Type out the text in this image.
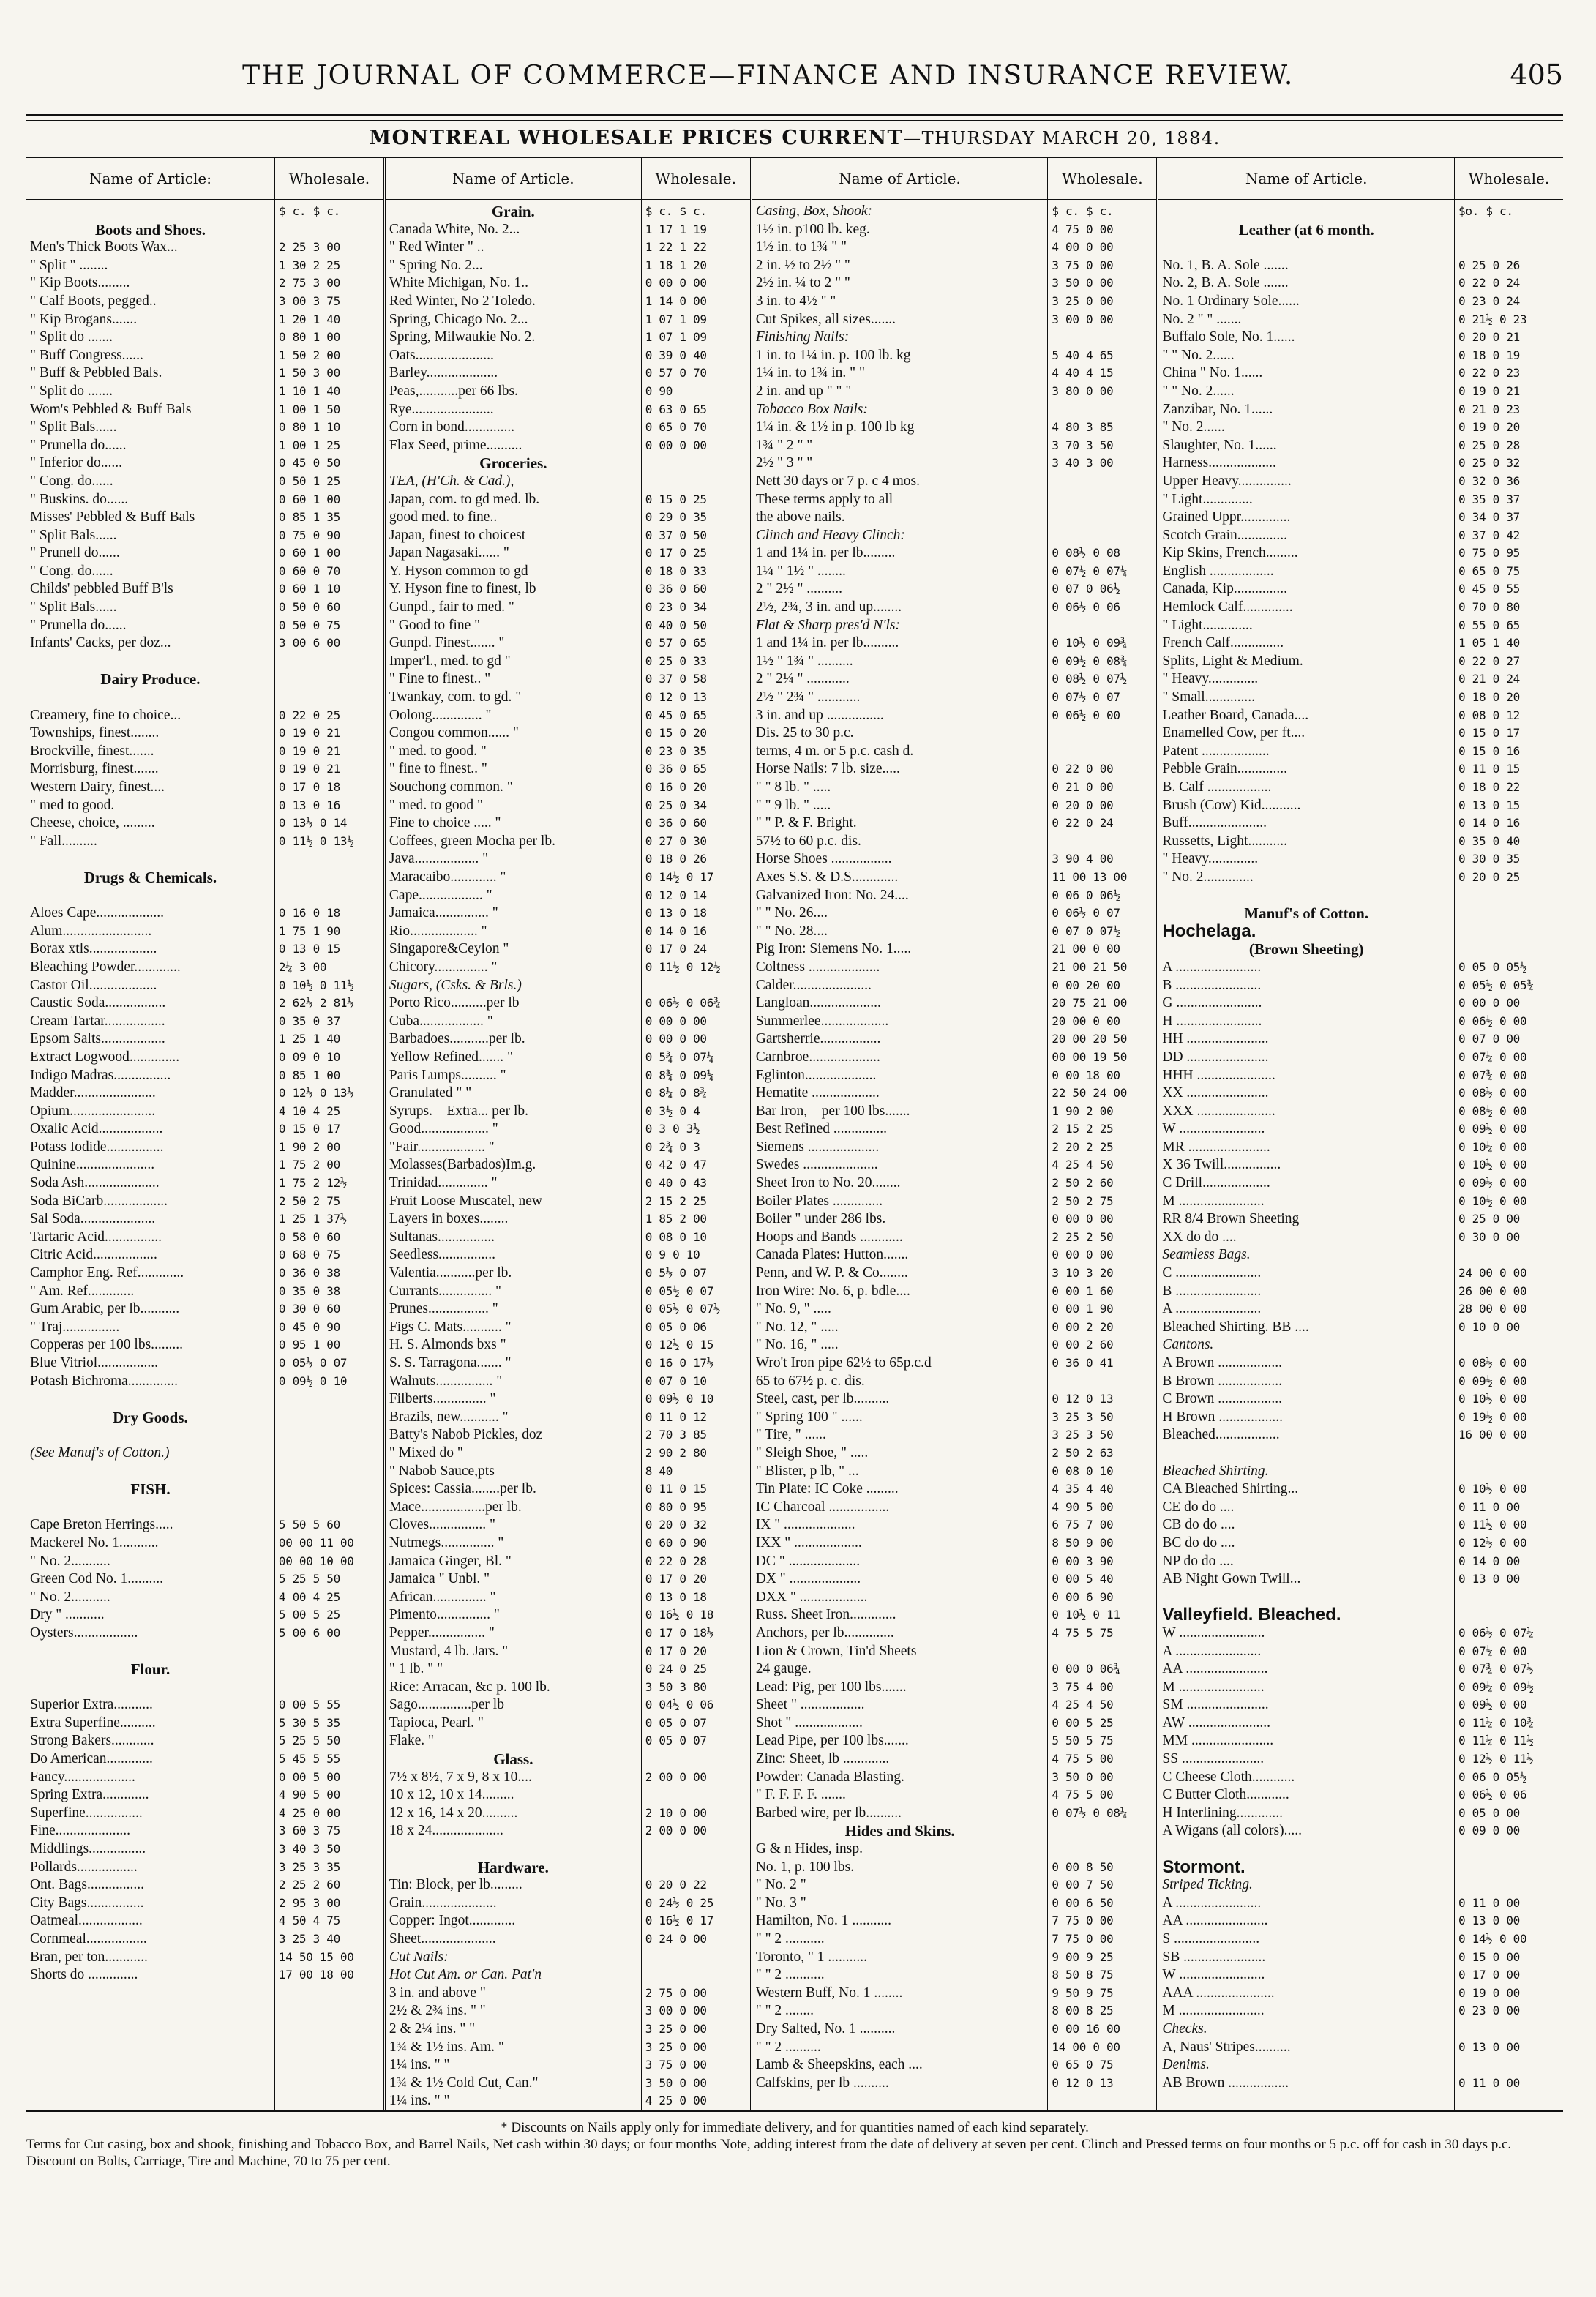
THE JOURNAL OF COMMERCE—FINANCE AND INSURANCE REVIEW.	405
MONTREAL WHOLESALE PRICES CURRENT—THURSDAY MARCH 20, 1884.
Name of Article:
Boots and Shoes.
Men's Thick Boots Wax...
" Split " ........
" Kip Boots.........
" Calf Boots, pegged..
" Kip Brogans.......
" Split do .......
" Buff Congress......
" Buff & Pebbled Bals.
" Split do .......
Wom's Pebbled & Buff Bals
" Split Bals......
" Prunella do......
" Inferior do......
" Cong. do......
" Buskins. do......
Misses' Pebbled & Buff Bals
" Split Bals......
" Prunell do......
" Cong. do......
Childs' pebbled Buff B'ls
" Split Bals......
" Prunella do......
Infants' Cacks, per doz...
Dairy Produce.
Creamery, fine to choice...
Townships, finest........
Brockville, finest.......
Morrisburg, finest.......
Western Dairy, finest....
" med to good.
Cheese, choice, .........
" Fall..........
Drugs & Chemicals.
Aloes Cape...................
Alum.........................
Borax xtls...................
Bleaching Powder.............
Castor Oil...................
Caustic Soda.................
Cream Tartar.................
Epsom Salts..................
Extract Logwood..............
Indigo Madras................
Madder.......................
Opium........................
Oxalic Acid..................
Potass Iodide................
Quinine......................
Soda Ash.....................
Soda BiCarb..................
Sal Soda.....................
Tartaric Acid................
Citric Acid..................
Camphor Eng. Ref.............
" Am. Ref.............
Gum Arabic, per lb...........
" Traj................
Copperas per 100 lbs.........
Blue Vitriol.................
Potash Bichroma..............
Dry Goods.
(See Manuf's of Cotton.)
FISH.
Cape Breton Herrings.....
Mackerel No. 1...........
" No. 2...........
Green Cod No. 1..........
" No. 2...........
Dry " ...........
Oysters..................
Flour.
Superior Extra...........
Extra Superfine..........
Strong Bakers............
Do American.............
Fancy....................
Spring Extra.............
Superfine................
Fine.....................
Middlings................
Pollards.................
Ont. Bags................
City Bags................
Oatmeal..................
Cornmeal.................
Bran, per ton............
Shorts do ..............
Wholesale.
$ c. $ c.
2 25 3 00
1 30 2 25
2 75 3 00
3 00 3 75
1 20 1 40
0 80 1 00
1 50 2 00
1 50 3 00
1 10 1 40
1 00 1 50
0 80 1 10
1 00 1 25
0 45 0 50
0 50 1 25
0 60 1 00
0 85 1 35
0 75 0 90
0 60 1 00
0 60 0 70
0 60 1 10
0 50 0 60
0 50 0 75
3 00 6 00
0 22 0 25
0 19 0 21
0 19 0 21
0 19 0 21
0 17 0 18
0 13 0 16
0 13½ 0 14
0 11½ 0 13½
0 16 0 18
1 75 1 90
0 13 0 15
2¼ 3 00
0 10½ 0 11½
2 62½ 2 81½
0 35 0 37
1 25 1 40
0 09 0 10
0 85 1 00
0 12½ 0 13½
4 10 4 25
0 15 0 17
1 90 2 00
1 75 2 00
1 75 2 12½
2 50 2 75
1 25 1 37½
0 58 0 60
0 68 0 75
0 36 0 38
0 35 0 38
0 30 0 60
0 45 0 90
0 95 1 00
0 05½ 0 07
0 09½ 0 10
5 50 5 60
00 00 11 00
00 00 10 00
5 25 5 50
4 00 4 25
5 00 5 25
5 00 6 00
0 00 5 55
5 30 5 35
5 25 5 50
5 45 5 55
0 00 5 00
4 90 5 00
4 25 0 00
3 60 3 75
3 40 3 50
3 25 3 35
2 25 2 60
2 95 3 00
4 50 4 75
3 25 3 40
14 50 15 00
17 00 18 00
Name of Article.
Grain.
Canada White, No. 2...
" Red Winter " ..
" Spring No. 2...
White Michigan, No. 1..
Red Winter, No 2 Toledo.
Spring, Chicago No. 2...
Spring, Milwaukie No. 2.
Oats......................
Barley....................
Peas,...........per 66 lbs.
Rye.......................
Corn in bond..............
Flax Seed, prime..........
Groceries.
TEA, (H'Ch. & Cad.),
Japan, com. to gd med. lb.
good med. to fine..
Japan, finest to choicest
Japan Nagasaki...... "
Y. Hyson common to gd
Y. Hyson fine to finest, lb
Gunpd., fair to med. "
" Good to fine "
Gunpd. Finest....... "
Imper'l., med. to gd "
" Fine to finest.. "
Twankay, com. to gd. "
Oolong.............. "
Congou common...... "
" med. to good. "
" fine to finest.. "
Souchong common. "
" med. to good "
Fine to choice ..... "
Coffees, green Mocha per lb.
Java.................. "
Maracaibo............. "
Cape.................. "
Jamaica............... "
Rio................... "
Singapore&Ceylon "
Chicory............... "
Sugars, (Csks. & Brls.)
Porto Rico..........per lb
Cuba.................. "
Barbadoes...........per lb.
Yellow Refined....... "
Paris Lumps.......... "
Granulated " "
Syrups.—Extra... per lb.
Good................... "
"Fair................... "
Molasses(Barbados)Im.g.
Trinidad.............. "
Fruit Loose Muscatel, new
Layers in boxes........
Sultanas................
Seedless................
Valentia...........per lb.
Currants............... "
Prunes................. "
Figs C. Mats........... "
H. S. Almonds bxs "
S. S. Tarragona....... "
Walnuts................ "
Filberts............... "
Brazils, new........... "
Batty's Nabob Pickles, doz
" Mixed do "
" Nabob Sauce,pts
Spices: Cassia........per lb.
Mace..................per lb.
Cloves................ "
Nutmegs............... "
Jamaica Ginger, Bl. "
Jamaica " Unbl. "
African............... "
Pimento............... "
Pepper................ "
Mustard, 4 lb. Jars. "
" 1 lb. " "
Rice: Arracan, &c p. 100 lb.
Sago...............per lb
Tapioca, Pearl. "
Flake. "
Glass.
7½ x 8½, 7 x 9, 8 x 10....
10 x 12, 10 x 14.........
12 x 16, 14 x 20..........
18 x 24....................
Hardware.
Tin: Block, per lb.........
Grain.....................
Copper: Ingot.............
Sheet.....................
Cut Nails:
Hot Cut Am. or Can. Pat'n
3 in. and above "
2½ & 2¾ ins. " "
2 & 2¼ ins. " "
1¾ & 1½ ins. Am. "
1¼ ins. " "
1¾ & 1½ Cold Cut, Can."
1¼ ins. " "
Wholesale.
$ c. $ c.
1 17 1 19
1 22 1 22
1 18 1 20
0 00 0 00
1 14 0 00
1 07 1 09
1 07 1 09
0 39 0 40
0 57 0 70
0 90
0 63 0 65
0 65 0 70
0 00 0 00
0 15 0 25
0 29 0 35
0 37 0 50
0 17 0 25
0 18 0 33
0 36 0 60
0 23 0 34
0 40 0 50
0 57 0 65
0 25 0 33
0 37 0 58
0 12 0 13
0 45 0 65
0 15 0 20
0 23 0 35
0 36 0 65
0 16 0 20
0 25 0 34
0 36 0 60
0 27 0 30
0 18 0 26
0 14½ 0 17
0 12 0 14
0 13 0 18
0 14 0 16
0 17 0 24
0 11½ 0 12½
0 06½ 0 06¾
0 00 0 00
0 00 0 00
0 5¾ 0 07¼
0 8¾ 0 09¼
0 8¼ 0 8¾
0 3½ 0 4
0 3 0 3½
0 2¾ 0 3
0 42 0 47
0 40 0 43
2 15 2 25
1 85 2 00
0 08 0 10
0 9 0 10
0 5½ 0 07
0 05½ 0 07
0 05½ 0 07½
0 05 0 06
0 12½ 0 15
0 16 0 17½
0 07 0 10
0 09½ 0 10
0 11 0 12
2 70 3 85
2 90 2 80
8 40
0 11 0 15
0 80 0 95
0 20 0 32
0 60 0 90
0 22 0 28
0 17 0 20
0 13 0 18
0 16½ 0 18
0 17 0 18½
0 17 0 20
0 24 0 25
3 50 3 80
0 04½ 0 06
0 05 0 07
0 05 0 07
2 00 0 00
2 10 0 00
2 00 0 00
0 20 0 22
0 24½ 0 25
0 16½ 0 17
0 24 0 00
2 75 0 00
3 00 0 00
3 25 0 00
3 25 0 00
3 75 0 00
3 50 0 00
4 25 0 00
Name of Article.
Casing, Box, Shook:
1½ in. p100 lb. keg.
1½ in. to 1¾ " "
2 in. ½ to 2½ " "
2½ in. ¼ to 2 " "
3 in. to 4½ " "
Cut Spikes, all sizes.......
Finishing Nails:
1 in. to 1¼ in. p. 100 lb. kg
1¼ in. to 1¾ in. " "
2 in. and up " " "
Tobacco Box Nails:
1¼ in. & 1½ in p. 100 lb kg
1¾ " 2 " "
2½ " 3 " "
Nett 30 days or 7 p. c 4 mos.
These terms apply to all
the above nails.
Clinch and Heavy Clinch:
1 and 1¼ in. per lb.........
1¼ " 1½ " ........
2 " 2½ " ..........
2½, 2¾, 3 in. and up........
Flat & Sharp pres'd N'ls:
1 and 1¼ in. per lb..........
1½ " 1¾ " ..........
2 " 2¼ " ............
2½ " 2¾ " ............
3 in. and up ................
Dis. 25 to 30 p.c.
terms, 4 m. or 5 p.c. cash d.
Horse Nails: 7 lb. size.....
" " 8 lb. " .....
" " 9 lb. " .....
" " P. & F. Bright.
57½ to 60 p.c. dis.
Horse Shoes .................
Axes S.S. & D.S.............
Galvanized Iron: No. 24....
" " No. 26....
" " No. 28....
Pig Iron: Siemens No. 1.....
Coltness ....................
Calder......................
Langloan....................
Summerlee...................
Gartsherrie.................
Carnbroe....................
Eglinton....................
Hematite ...................
Bar Iron,—per 100 lbs.......
Best Refined ...............
Siemens ....................
Swedes .....................
Sheet Iron to No. 20........
Boiler Plates ..............
Boiler " under 286 lbs.
Hoops and Bands ............
Canada Plates: Hutton.......
Penn, and W. P. & Co........
Iron Wire: No. 6, p. bdle....
" No. 9, " .....
" No. 12, " .....
" No. 16, " .....
Wro't Iron pipe 62½ to 65p.c.d
65 to 67½ p. c. dis.
Steel, cast, per lb..........
" Spring 100 " ......
" Tire, " ......
" Sleigh Shoe, " .....
" Blister, p lb, " ...
Tin Plate: IC Coke .........
IC Charcoal .................
IX " ....................
IXX " ...................
DC " ....................
DX " ....................
DXX " ...................
Russ. Sheet Iron.............
Anchors, per lb..............
Lion & Crown, Tin'd Sheets
24 gauge.
Lead: Pig, per 100 lbs.......
Sheet " ..................
Shot " ...................
Lead Pipe, per 100 lbs.......
Zinc: Sheet, lb .............
Powder: Canada Blasting.
" F. F. F. F. .......
Barbed wire, per lb..........
Hides and Skins.
G & n Hides, insp.
No. 1, p. 100 lbs.
" No. 2 "
" No. 3 "
Hamilton, No. 1 ...........
" " 2 ...........
Toronto, " 1 ...........
" " 2 ...........
Western Buff, No. 1 ........
" " 2 ........
Dry Salted, No. 1 ..........
" " 2 ..........
Lamb & Sheepskins, each ....
Calfskins, per lb ..........
Wholesale.
$ c. $ c.
4 75 0 00
4 00 0 00
3 75 0 00
3 50 0 00
3 25 0 00
3 00 0 00
5 40 4 65
4 40 4 15
3 80 0 00
4 80 3 85
3 70 3 50
3 40 3 00
0 08½ 0 08
0 07½ 0 07¼
0 07 0 06½
0 06½ 0 06
0 10½ 0 09¾
0 09½ 0 08¾
0 08½ 0 07½
0 07½ 0 07
0 06½ 0 00
0 22 0 00
0 21 0 00
0 20 0 00
0 22 0 24
3 90 4 00
11 00 13 00
0 06 0 06½
0 06½ 0 07
0 07 0 07½
21 00 0 00
21 00 21 50
0 00 20 00
20 75 21 00
20 00 0 00
20 00 20 50
00 00 19 50
0 00 18 00
22 50 24 00
1 90 2 00
2 15 2 25
2 20 2 25
4 25 4 50
2 50 2 60
2 50 2 75
0 00 0 00
2 25 2 50
0 00 0 00
3 10 3 20
0 00 1 60
0 00 1 90
0 00 2 20
0 00 2 60
0 36 0 41
0 12 0 13
3 25 3 50
3 25 3 50
2 50 2 63
0 08 0 10
4 35 4 40
4 90 5 00
6 75 7 00
8 50 9 00
0 00 3 90
0 00 5 40
0 00 6 90
0 10½ 0 11
4 75 5 75
0 00 0 06¾
3 75 4 00
4 25 4 50
0 00 5 25
5 50 5 75
4 75 5 00
3 50 0 00
4 75 5 00
0 07½ 0 08¼
0 00 8 50
0 00 7 50
0 00 6 50
7 75 0 00
7 75 0 00
9 00 9 25
8 50 8 75
9 50 9 75
8 00 8 25
0 00 16 00
14 00 0 00
0 65 0 75
0 12 0 13
Name of Article.
Leather (at 6 month.
No. 1, B. A. Sole .......
No. 2, B. A. Sole .......
No. 1 Ordinary Sole......
No. 2 " " .......
Buffalo Sole, No. 1......
" " No. 2......
China " No. 1......
" " No. 2......
Zanzibar, No. 1......
" No. 2......
Slaughter, No. 1......
Harness...................
Upper Heavy...............
" Light..............
Grained Uppr..............
Scotch Grain..............
Kip Skins, French.........
English ..................
Canada, Kip...............
Hemlock Calf..............
" Light..............
French Calf...............
Splits, Light & Medium.
" Heavy..............
" Small..............
Leather Board, Canada....
Enamelled Cow, per ft....
Patent ...................
Pebble Grain..............
B. Calf ..................
Brush (Cow) Kid...........
Buff......................
Russetts, Light...........
" Heavy..............
" No. 2..............
Manuf's of Cotton.
Hochelaga.
(Brown Sheeting)
A ........................
B ........................
G ........................
H ........................
HH .......................
DD .......................
HHH ......................
XX .......................
XXX ......................
W ........................
MR .......................
X 36 Twill................
C Drill...................
M ........................
RR 8/4 Brown Sheeting
XX do do ....
Seamless Bags.
C ........................
B ........................
A ........................
Bleached Shirting. BB ....
Cantons.
A Brown ..................
B Brown ..................
C Brown ..................
H Brown ..................
Bleached..................
Bleached Shirting.
CA Bleached Shirting...
CE do do ....
CB do do ....
BC do do ....
NP do do ....
AB Night Gown Twill...
Valleyfield. Bleached.
W ........................
A ........................
AA .......................
M ........................
SM .......................
AW .......................
MM .......................
SS .......................
C Cheese Cloth............
C Butter Cloth............
H Interlining.............
A Wigans (all colors).....
Stormont.
Striped Ticking.
A ........................
AA .......................
S ........................
SB .......................
W ........................
AAA ......................
M ........................
Checks.
A, Naus' Stripes..........
Denims.
AB Brown .................
Wholesale.
$o. $ c.
0 25 0 26
0 22 0 24
0 23 0 24
0 21½ 0 23
0 20 0 21
0 18 0 19
0 22 0 23
0 19 0 21
0 21 0 23
0 19 0 20
0 25 0 28
0 25 0 32
0 32 0 36
0 35 0 37
0 34 0 37
0 37 0 42
0 75 0 95
0 65 0 75
0 45 0 55
0 70 0 80
0 55 0 65
1 05 1 40
0 22 0 27
0 21 0 24
0 18 0 20
0 08 0 12
0 15 0 17
0 15 0 16
0 11 0 15
0 18 0 22
0 13 0 15
0 14 0 16
0 35 0 40
0 30 0 35
0 20 0 25
0 05 0 05½
0 05½ 0 05¾
0 00 0 00
0 06½ 0 00
0 07 0 00
0 07¼ 0 00
0 07¾ 0 00
0 08½ 0 00
0 08½ 0 00
0 09½ 0 00
0 10¼ 0 00
0 10½ 0 00
0 09½ 0 00
0 10½ 0 00
0 25 0 00
0 30 0 00
24 00 0 00
26 00 0 00
28 00 0 00
0 10 0 00
0 08½ 0 00
0 09½ 0 00
0 10½ 0 00
0 19½ 0 00
16 00 0 00
0 10½ 0 00
0 11 0 00
0 11½ 0 00
0 12½ 0 00
0 14 0 00
0 13 0 00
0 06½ 0 07¼
0 07¼ 0 00
0 07¾ 0 07½
0 09¼ 0 09½
0 09½ 0 00
0 11¼ 0 10¾
0 11¼ 0 11½
0 12½ 0 11½
0 06 0 05½
0 06½ 0 06
0 05 0 00
0 09 0 00
0 11 0 00
0 13 0 00
0 14½ 0 00
0 15 0 00
0 17 0 00
0 19 0 00
0 23 0 00
0 13 0 00
0 11 0 00

* Discounts on Nails apply only for immediate delivery, and for quantities named of each kind separately.

Terms for Cut casing, box and shook, finishing and Tobacco Box, and Barrel Nails, Net cash within 30 days; or four months Note, adding interest from the date of delivery at seven per cent. Clinch and Pressed terms on four months or 5 p.c. off for cash in 30 days p.c. Discount on Bolts, Carriage, Tire and Machine, 70 to 75 per cent.
